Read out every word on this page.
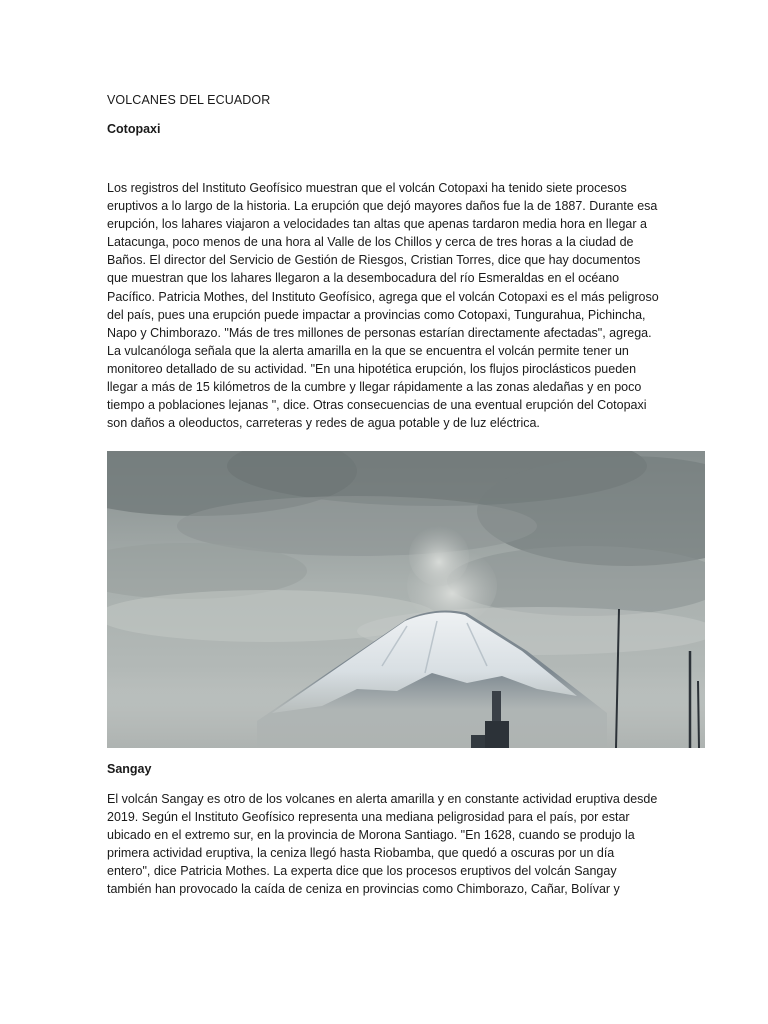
VOLCANES DEL ECUADOR

Cotopaxi

Los registros del Instituto Geofísico muestran que el volcán Cotopaxi ha tenido siete procesos
eruptivos a lo largo de la historia. La erupción que dejó mayores daños fue la de 1887. Durante esa
erupción, los lahares viajaron a velocidades tan altas que apenas tardaron media hora en llegar a
Latacunga, poco menos de una hora al Valle de los Chillos y cerca de tres horas a la ciudad de
Baños. El director del Servicio de Gestión de Riesgos, Cristian Torres, dice que hay documentos
que muestran que los lahares llegaron a la desembocadura del río Esmeraldas en el océano
Pacífico. Patricia Mothes, del Instituto Geofísico, agrega que el volcán Cotopaxi es el más peligroso
del país, pues una erupción puede impactar a provincias como Cotopaxi, Tungurahua, Pichincha,
Napo y Chimborazo. "Más de tres millones de personas estarían directamente afectadas", agrega.
La vulcanóloga señala que la alerta amarilla en la que se encuentra el volcán permite tener un
monitoreo detallado de su actividad. "En una hipotética erupción, los flujos piroclásticos pueden
llegar a más de 15 kilómetros de la cumbre y llegar rápidamente a las zonas aledañas y en poco
tiempo a poblaciones lejanas ", dice. Otras consecuencias de una eventual erupción del Cotopaxi
son daños a oleoductos, carreteras y redes de agua potable y de luz eléctrica.

Sangay

El volcán Sangay es otro de los volcanes en alerta amarilla y en constante actividad eruptiva desde
2019. Según el Instituto Geofísico representa una mediana peligrosidad para el país, por estar
ubicado en el extremo sur, en la provincia de Morona Santiago. "En 1628, cuando se produjo la
primera actividad eruptiva, la ceniza llegó hasta Riobamba, que quedó a oscuras por un día
entero", dice Patricia Mothes. La experta dice que los procesos eruptivos del volcán Sangay
también han provocado la caída de ceniza en provincias como Chimborazo, Cañar, Bolívar y
